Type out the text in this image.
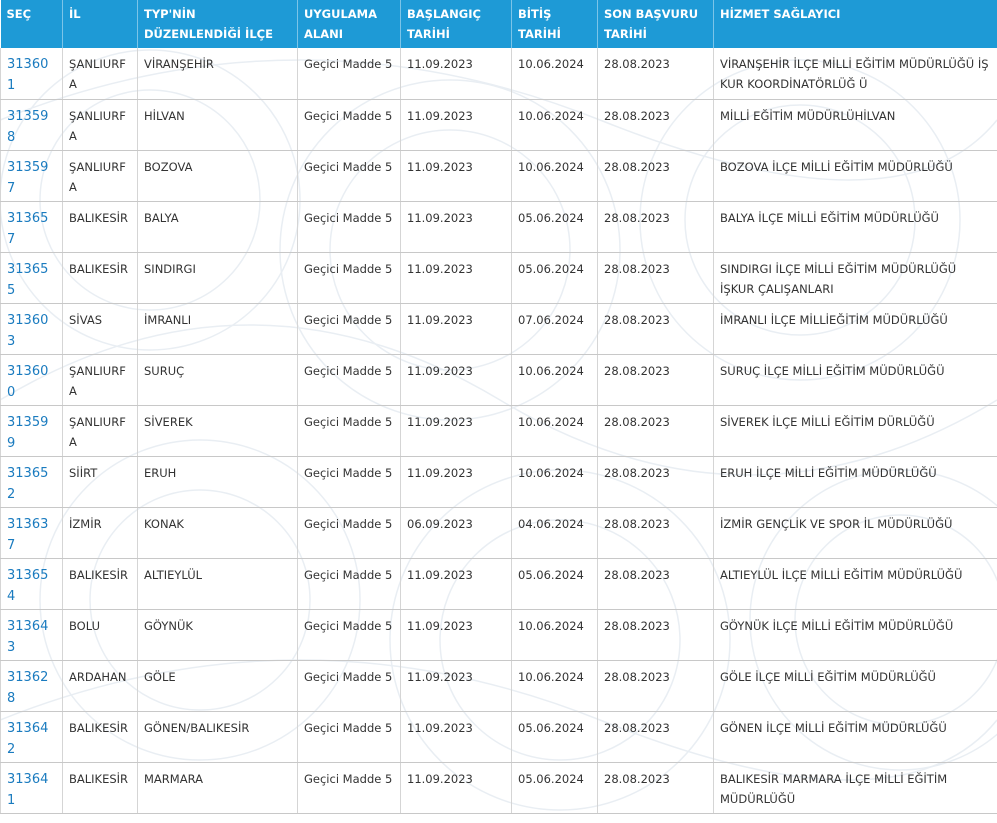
SEÇ	İL	TYP'NİN DÜZENLENDİĞİ İLÇE	UYGULAMA ALANI	BAŞLANGIÇ TARİHİ	BİTİŞ TARİHİ	SON BAŞVURU TARİHİ	HİZMET SAĞLAYICI
313601	ŞANLIURFA	VİRANŞEHİR	Geçici Madde 5	11.09.2023	10.06.2024	28.08.2023	VİRANŞEHİR İLÇE MİLLİ EĞİTİM MÜDÜRLÜĞÜ İŞ KUR KOORDİNATÖRLÜĞ Ü
313598	ŞANLIURFA	HİLVAN	Geçici Madde 5	11.09.2023	10.06.2024	28.08.2023	MİLLİ EĞİTİM MÜDÜRLÜHİLVAN
313597	ŞANLIURFA	BOZOVA	Geçici Madde 5	11.09.2023	10.06.2024	28.08.2023	BOZOVA İLÇE MİLLİ EĞİTİM MÜDÜRLÜĞÜ
313657	BALIKESİR	BALYA	Geçici Madde 5	11.09.2023	05.06.2024	28.08.2023	BALYA İLÇE MİLLİ EĞİTİM MÜDÜRLÜĞÜ
313655	BALIKESİR	SINDIRGI	Geçici Madde 5	11.09.2023	05.06.2024	28.08.2023	SINDIRGI İLÇE MİLLİ EĞİTİM MÜDÜRLÜĞÜ İŞKUR ÇALIŞANLARI
313603	SİVAS	İMRANLI	Geçici Madde 5	11.09.2023	07.06.2024	28.08.2023	İMRANLI İLÇE MİLLİEĞİTİM MÜDÜRLÜĞÜ
313600	ŞANLIURFA	SURUÇ	Geçici Madde 5	11.09.2023	10.06.2024	28.08.2023	SURUÇ İLÇE MİLLİ EĞİTİM MÜDÜRLÜĞÜ
313599	ŞANLIURFA	SİVEREK	Geçici Madde 5	11.09.2023	10.06.2024	28.08.2023	SİVEREK İLÇE MİLLİ EĞİTİM DÜRLÜĞÜ
313652	SİİRT	ERUH	Geçici Madde 5	11.09.2023	10.06.2024	28.08.2023	ERUH İLÇE MİLLİ EĞİTİM MÜDÜRLÜĞÜ
313637	İZMİR	KONAK	Geçici Madde 5	06.09.2023	04.06.2024	28.08.2023	İZMİR GENÇLİK VE SPOR İL MÜDÜRLÜĞÜ
313654	BALIKESİR	ALTIEYLÜL	Geçici Madde 5	11.09.2023	05.06.2024	28.08.2023	ALTIEYLÜL İLÇE MİLLİ EĞİTİM MÜDÜRLÜĞÜ
313643	BOLU	GÖYNÜK	Geçici Madde 5	11.09.2023	10.06.2024	28.08.2023	GÖYNÜK İLÇE MİLLİ EĞİTİM MÜDÜRLÜĞÜ
313628	ARDAHAN	GÖLE	Geçici Madde 5	11.09.2023	10.06.2024	28.08.2023	GÖLE İLÇE MİLLİ EĞİTİM MÜDÜRLÜĞÜ
313642	BALIKESİR	GÖNEN/BALIKESİR	Geçici Madde 5	11.09.2023	05.06.2024	28.08.2023	GÖNEN İLÇE MİLLİ EĞİTİM MÜDÜRLÜĞÜ
313641	BALIKESİR	MARMARA	Geçici Madde 5	11.09.2023	05.06.2024	28.08.2023	BALIKESİR MARMARA İLÇE MİLLİ EĞİTİM MÜDÜRLÜĞÜ
